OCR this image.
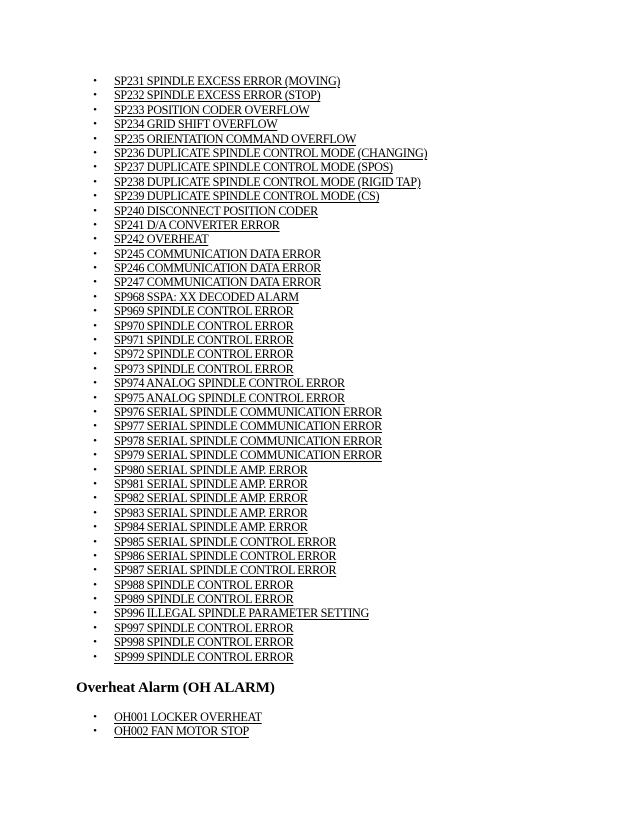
• SP231 SPINDLE EXCESS ERROR (MOVING)
• SP232 SPINDLE EXCESS ERROR (STOP)
• SP233 POSITION CODER OVERFLOW
• SP234 GRID SHIFT OVERFLOW
• SP235 ORIENTATION COMMAND OVERFLOW
• SP236 DUPLICATE SPINDLE CONTROL MODE (CHANGING)
• SP237 DUPLICATE SPINDLE CONTROL MODE (SPOS)
• SP238 DUPLICATE SPINDLE CONTROL MODE (RIGID TAP)
• SP239 DUPLICATE SPINDLE CONTROL MODE (CS)
• SP240 DISCONNECT POSITION CODER
• SP241 D/A CONVERTER ERROR
• SP242 OVERHEAT
• SP245 COMMUNICATION DATA ERROR
• SP246 COMMUNICATION DATA ERROR
• SP247 COMMUNICATION DATA ERROR
• SP968 SSPA: XX DECODED ALARM
• SP969 SPINDLE CONTROL ERROR
• SP970 SPINDLE CONTROL ERROR
• SP971 SPINDLE CONTROL ERROR
• SP972 SPINDLE CONTROL ERROR
• SP973 SPINDLE CONTROL ERROR
• SP974 ANALOG SPINDLE CONTROL ERROR
• SP975 ANALOG SPINDLE CONTROL ERROR
• SP976 SERIAL SPINDLE COMMUNICATION ERROR
• SP977 SERIAL SPINDLE COMMUNICATION ERROR
• SP978 SERIAL SPINDLE COMMUNICATION ERROR
• SP979 SERIAL SPINDLE COMMUNICATION ERROR
• SP980 SERIAL SPINDLE AMP. ERROR
• SP981 SERIAL SPINDLE AMP. ERROR
• SP982 SERIAL SPINDLE AMP. ERROR
• SP983 SERIAL SPINDLE AMP. ERROR
• SP984 SERIAL SPINDLE AMP. ERROR
• SP985 SERIAL SPINDLE CONTROL ERROR
• SP986 SERIAL SPINDLE CONTROL ERROR
• SP987 SERIAL SPINDLE CONTROL ERROR
• SP988 SPINDLE CONTROL ERROR
• SP989 SPINDLE CONTROL ERROR
• SP996 ILLEGAL SPINDLE PARAMETER SETTING
• SP997 SPINDLE CONTROL ERROR
• SP998 SPINDLE CONTROL ERROR
• SP999 SPINDLE CONTROL ERROR
Overheat Alarm (OH ALARM)
• OH001 LOCKER OVERHEAT
• OH002 FAN MOTOR STOP
